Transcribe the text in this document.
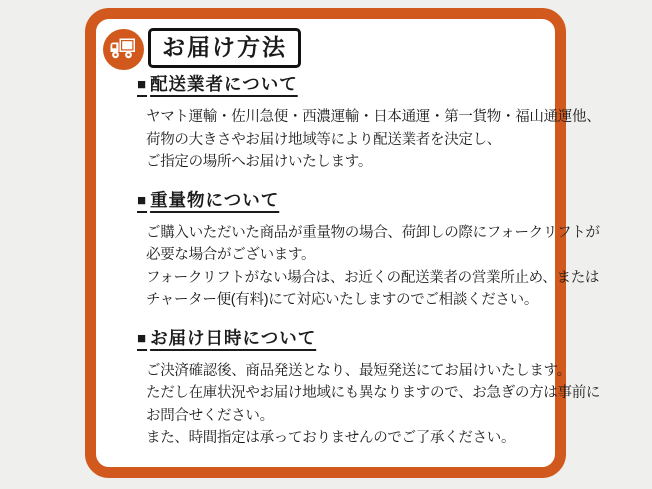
お届け方法
■ 配送業者について
ヤマト運輸・佐川急便・西濃運輸・日本通運・第一貨物・福山通運他、
荷物の大きさやお届け地域等により配送業者を決定し、
ご指定の場所へお届けいたします。
■ 重量物について
ご購入いただいた商品が重量物の場合、荷卸しの際にフォークリフトが
必要な場合がございます。
フォークリフトがない場合は、お近くの配送業者の営業所止め、または
チャーター便(有料)にて対応いたしますのでご相談ください。
■ お届け日時について
ご決済確認後、商品発送となり、最短発送にてお届けいたします。
ただし在庫状況やお届け地域にも異なりますので、お急ぎの方は事前に
お問合せください。
また、時間指定は承っておりませんのでご了承ください。
